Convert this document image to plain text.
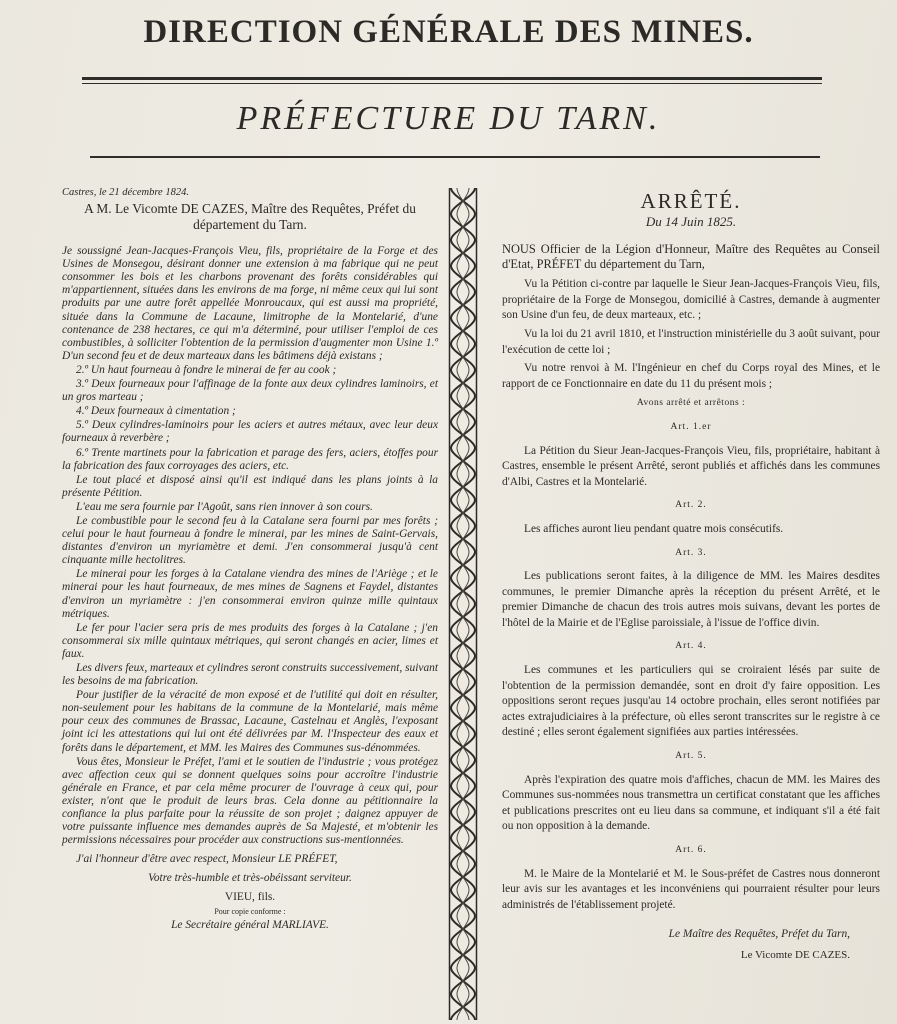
DIRECTION GÉNÉRALE DES MINES.
PRÉFECTURE DU TARN.

Castres, le 21 décembre 1824.

A M. Le Vicomte DE CAZES, Maître des Requêtes, Préfet du département du Tarn.

Je soussigné Jean-Jacques-François Vieu, fils, propriétaire de la Forge et des Usines de Monsegou, désirant donner une extension à ma fabrique qui ne peut consommer les bois et les charbons provenant des forêts considérables qui m'appartiennent, situées dans les environs de ma forge, ni même ceux qui lui sont produits par une autre forêt appellée Monroucaux, qui est aussi ma propriété, située dans la Commune de Lacaune, limitrophe de la Montelarié, d'une contenance de 238 hectares, ce qui m'a déterminé, pour utiliser l'emploi de ces combustibles, à solliciter l'obtention de la permission d'augmenter mon Usine 1.º D'un second feu et de deux marteaux dans les bâtimens déjà existans ;

2.º Un haut fourneau à fondre le minerai de fer au cook ;

3.º Deux fourneaux pour l'affinage de la fonte aux deux cylindres laminoirs, et un gros marteau ;

4.º Deux fourneaux à cimentation ;

5.º Deux cylindres-laminoirs pour les aciers et autres métaux, avec leur deux fourneaux à reverbère ;

6.º Trente martinets pour la fabrication et parage des fers, aciers, étoffes pour la fabrication des faux corroyages des aciers, etc.

Le tout placé et disposé ainsi qu'il est indiqué dans les plans joints à la présente Pétition.

L'eau me sera fournie par l'Agoût, sans rien innover à son cours.

Le combustible pour le second feu à la Catalane sera fourni par mes forêts ; celui pour le haut fourneau à fondre le minerai, par les mines de Saint-Gervais, distantes d'environ un myriamètre et demi. J'en consommerai jusqu'à cent cinquante mille hectolitres.

Le minerai pour les forges à la Catalane viendra des mines de l'Ariège ; et le minerai pour les haut fourneaux, de mes mines de Sagnens et Faydel, distantes d'environ un myriamètre : j'en consommerai environ quinze mille quintaux métriques.

Le fer pour l'acier sera pris de mes produits des forges à la Catalane ; j'en consommerai six mille quintaux métriques, qui seront changés en acier, limes et faux.

Les divers feux, marteaux et cylindres seront construits successivement, suivant les besoins de ma fabrication.

Pour justifier de la véracité de mon exposé et de l'utilité qui doit en résulter, non-seulement pour les habitans de la commune de la Montelarié, mais même pour ceux des communes de Brassac, Lacaune, Castelnau et Anglès, l'exposant joint ici les attestations qui lui ont été délivrées par M. l'Inspecteur des eaux et forêts dans le département, et MM. les Maires des Communes sus-dénommées.

Vous êtes, Monsieur le Préfet, l'ami et le soutien de l'industrie ; vous protégez avec affection ceux qui se donnent quelques soins pour accroître l'industrie générale en France, et par cela même procurer de l'ouvrage à ceux qui, pour exister, n'ont que le produit de leurs bras. Cela donne au pétitionnaire la confiance la plus parfaite pour la réussite de son projet ; daignez appuyer de votre puissante influence mes demandes auprès de Sa Majesté, et m'obtenir les permissions nécessaires pour procéder aux constructions sus-mentionnées.

J'ai l'honneur d'être avec respect, Monsieur LE PRÉFET,

Votre très-humble et très-obéissant serviteur.

VIEU, fils.

Pour copie conforme :

Le Secrétaire général MARLIAVE.

ARRÊTÉ.

Du 14 Juin 1825.

NOUS Officier de la Légion d'Honneur, Maître des Requêtes au Conseil d'Etat, PRÉFET du département du Tarn,

Vu la Pétition ci-contre par laquelle le Sieur Jean-Jacques-François Vieu, fils, propriétaire de la Forge de Monsegou, domicilié à Castres, demande à augmenter son Usine d'un feu, de deux marteaux, etc. ;

Vu la loi du 21 avril 1810, et l'instruction ministérielle du 3 août suivant, pour l'exécution de cette loi ;

Vu notre renvoi à M. l'Ingénieur en chef du Corps royal des Mines, et le rapport de ce Fonctionnaire en date du 11 du présent mois ;

Avons arrêté et arrêtons :

Art. 1.er

La Pétition du Sieur Jean-Jacques-François Vieu, fils, propriétaire, habitant à Castres, ensemble le présent Arrêté, seront publiés et affichés dans les communes d'Albi, Castres et la Montelarié.

Art. 2.

Les affiches auront lieu pendant quatre mois consécutifs.

Art. 3.

Les publications seront faites, à la diligence de MM. les Maires desdites communes, le premier Dimanche après la réception du présent Arrêté, et le premier Dimanche de chacun des trois autres mois suivans, devant les portes de l'hôtel de la Mairie et de l'Eglise paroissiale, à l'issue de l'office divin.

Art. 4.

Les communes et les particuliers qui se croiraient lésés par suite de l'obtention de la permission demandée, sont en droit d'y faire opposition. Les oppositions seront reçues jusqu'au 14 octobre prochain, elles seront notifiées par actes extrajudiciaires à la préfecture, où elles seront transcrites sur le registre à ce destiné ; elles seront également signifiées aux parties intéressées.

Art. 5.

Après l'expiration des quatre mois d'affiches, chacun de MM. les Maires des Communes sus-nommées nous transmettra un certificat constatant que les affiches et publications prescrites ont eu lieu dans sa commune, et indiquant s'il a été fait ou non opposition à la demande.

Art. 6.

M. le Maire de la Montelarié et M. le Sous-préfet de Castres nous donneront leur avis sur les avantages et les inconvéniens qui pourraient résulter pour leurs administrés de l'établissement projeté.

Le Maître des Requêtes, Préfet du Tarn,

Le Vicomte DE CAZES.
